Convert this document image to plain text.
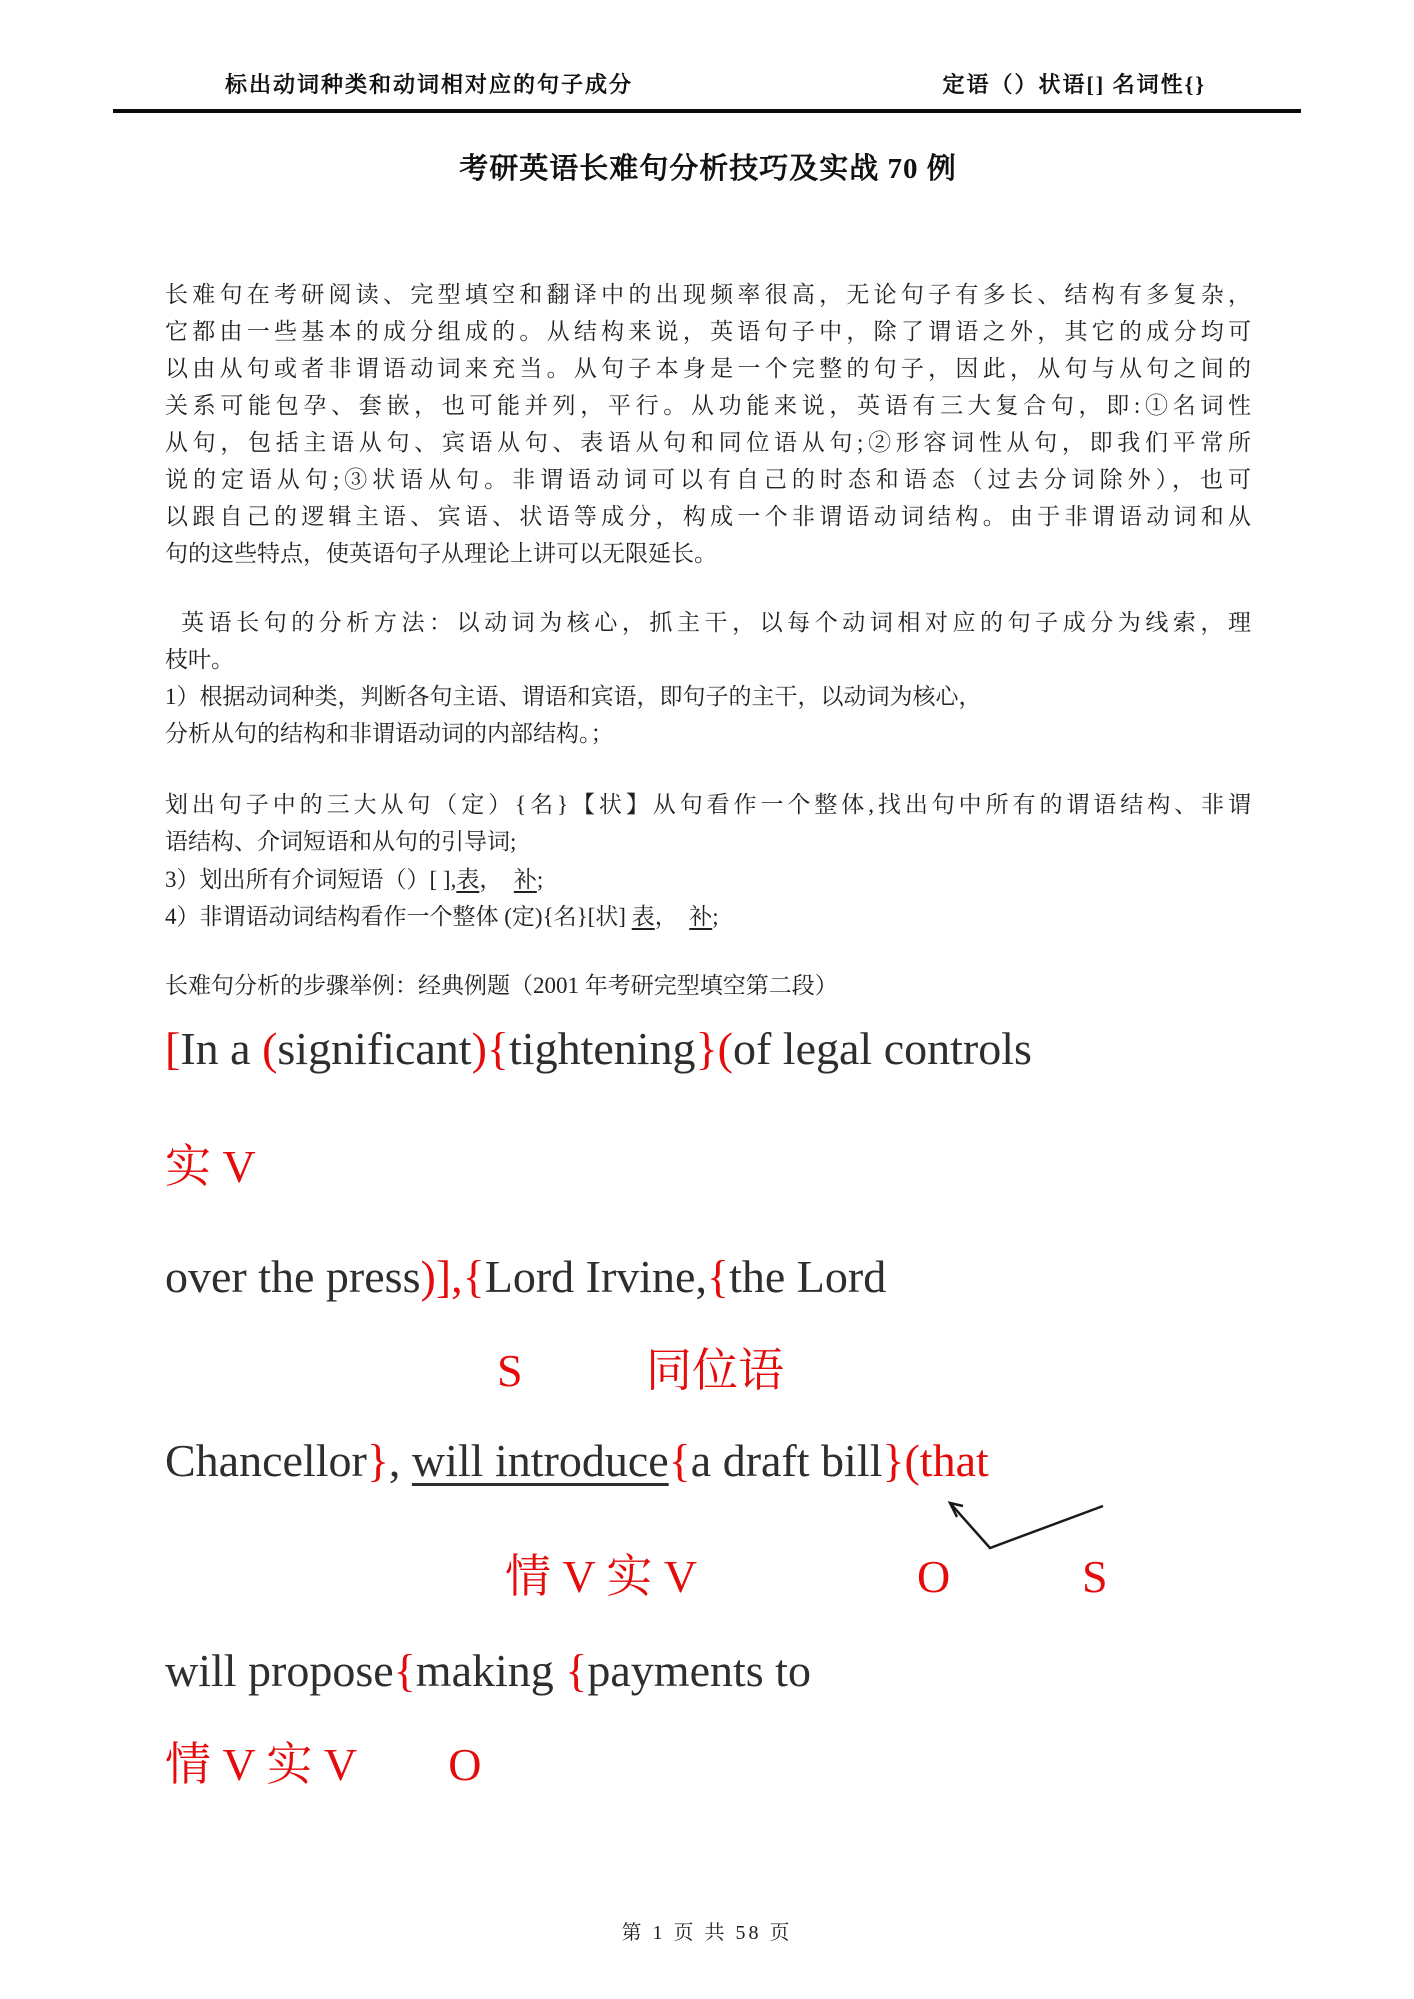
标出动词种类和动词相对应的句子成分	定语（）状语[] 名词性{}
考研英语长难句分析技巧及实战 70 例
长难句在考研阅读、完型填空和翻译中的出现频率很高，无论句子有多长、结构有多复杂，
它都由一些基本的成分组成的。从结构来说，英语句子中，除了谓语之外，其它的成分均可
以由从句或者非谓语动词来充当。从句子本身是一个完整的句子，因此，从句与从句之间的
关系可能包孕、套嵌，也可能并列，平行。从功能来说，英语有三大复合句，即:①名词性
从句，包括主语从句、宾语从句、表语从句和同位语从句;②形容词性从句，即我们平常所
说的定语从句;③状语从句。非谓语动词可以有自己的时态和语态（过去分词除外），也可
以跟自己的逻辑主语、宾语、状语等成分，构成一个非谓语动词结构。由于非谓语动词和从
句的这些特点，使英语句子从理论上讲可以无限延长。
 英语长句的分析方法：以动词为核心，抓主干，以每个动词相对应的句子成分为线索，理
枝叶。
1）根据动词种类，判断各句主语、谓语和宾语，即句子的主干，以动词为核心，
分析从句的结构和非谓语动词的内部结构。；
划出句子中的三大从句（定）{名}【状】从句看作一个整体,找出句中所有的谓语结构、非谓
语结构、介词短语和从句的引导词;
3）划出所有介词短语（）[ ],表，　补;
4）非谓语动词结构看作一个整体 (定){名}[状] 表，　补;
长难句分析的步骤举例：经典例题（2001 年考研完型填空第二段）
[In a (significant){tightening}(of legal controls
实 V
over the press)],{Lord Irvine,{the Lord

S

	同位语

Chancellor}, will introduce{a draft bill}(that

情 V 实 V

	O

	S

will propose{making {payments to
情 V 实 V　　O
第 1 页 共 58 页
